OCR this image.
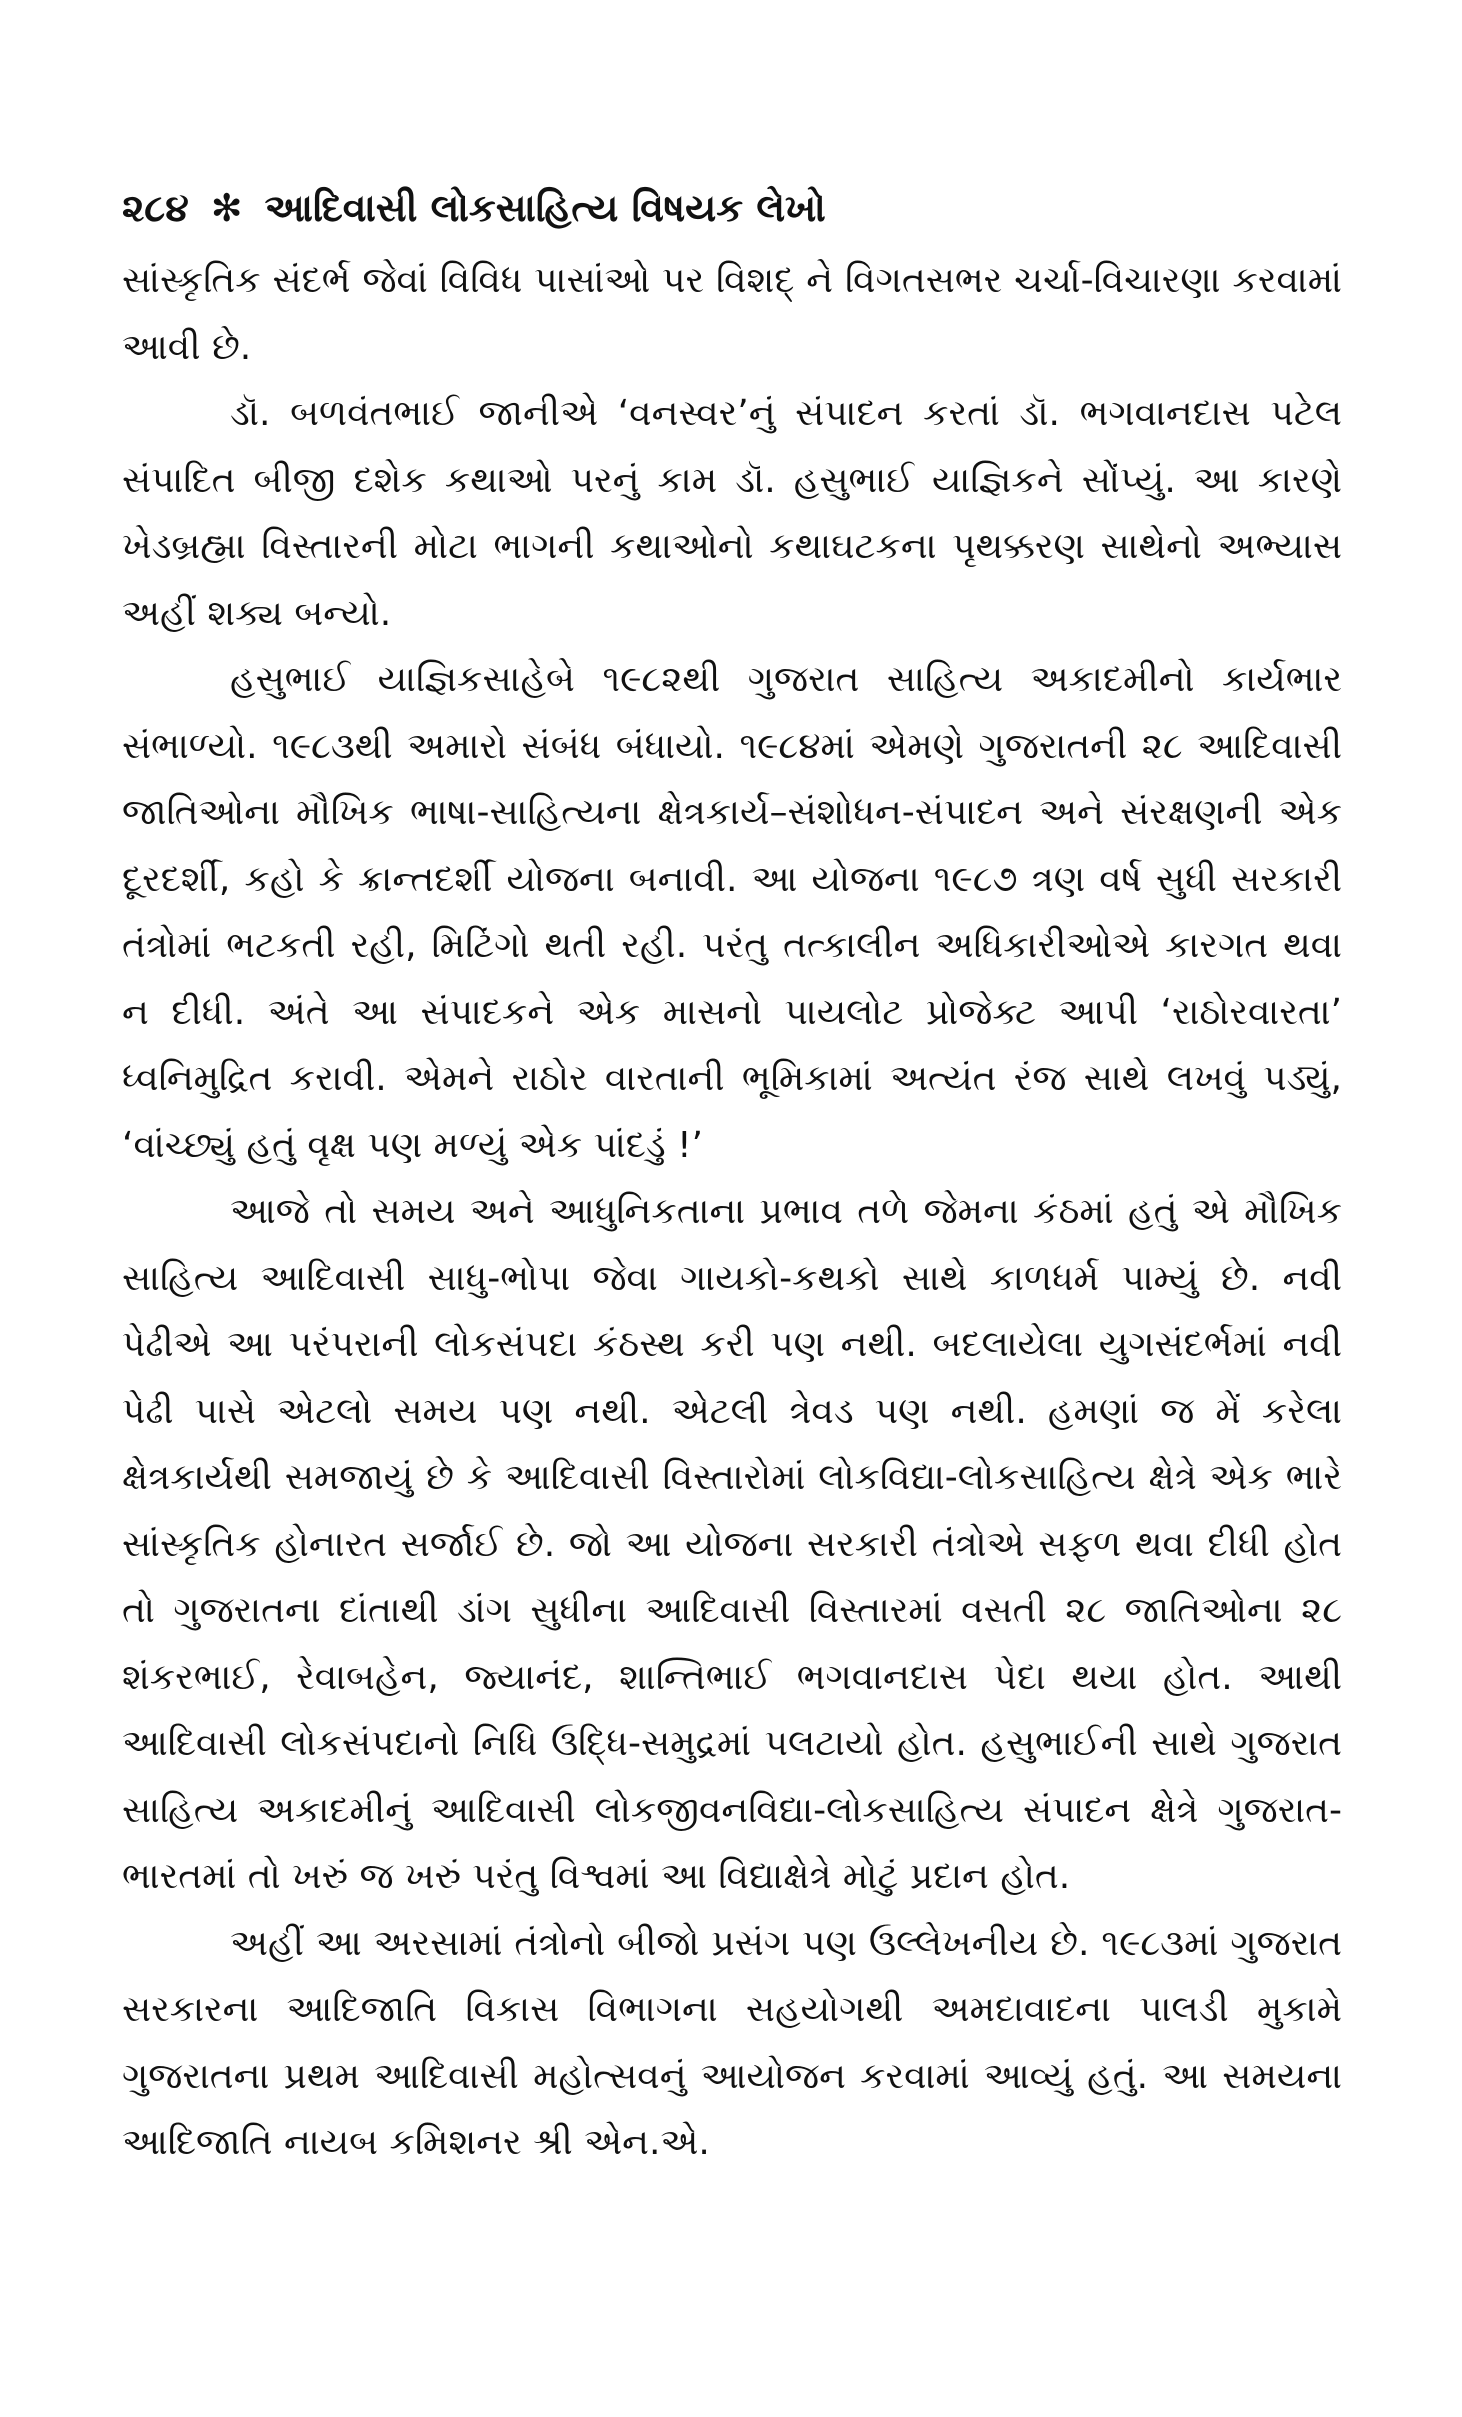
૨૮૪ ✻ આદિવાસી લોકસાહિત્ય વિષયક લેખો

સાંસ્કૃતિક સંદર્ભ જેવાં વિવિધ પાસાંઓ પર વિશદ્ ને વિગતસભર ચર્ચા-વિચારણા કરવામાં આવી છે.

ડૉ. બળવંતભાઈ જાનીએ ‘વનસ્વર’નું સંપાદન કરતાં ડૉ. ભગવાનદાસ પટેલ સંપાદિત બીજી દશેક કથાઓ પરનું કામ ડૉ. હસુભાઈ યાજ્ઞિકને સોંપ્યું. આ કારણે ખેડબ્રહ્મા વિસ્તારની મોટા ભાગની કથાઓનો કથાઘટકના પૃથક્કરણ સાથેનો અભ્યાસ અહીં શક્ય બન્યો.

હસુભાઈ યાજ્ઞિકસાહેબે ૧૯૮૨થી ગુજરાત સાહિત્ય અકાદમીનો કાર્યભાર સંભાળ્યો. ૧૯૮૩થી અમારો સંબંધ બંધાયો. ૧૯૮૪માં એમણે ગુજરાતની ૨૮ આદિવાસી જાતિઓના મૌખિક ભાષા-સાહિત્યના ક્ષેત્રકાર્ય–સંશોધન-સંપાદન અને સંરક્ષણની એક દૂરદર્શી, કહો કે ક્રાન્તદર્શી યોજના બનાવી. આ યોજના ૧૯૮૭ ત્રણ વર્ષ સુધી સરકારી તંત્રોમાં ભટકતી રહી, મિટિંગો થતી રહી. પરંતુ તત્કાલીન અધિકારીઓએ કારગત થવા ન દીધી. અંતે આ સંપાદકને એક માસનો પાયલોટ પ્રોજેક્ટ આપી ‘રાઠોરવારતા’ ધ્વનિમુદ્રિત કરાવી. એમને રાઠોર વારતાની ભૂમિકામાં અત્યંત રંજ સાથે લખવું પડ્યું, ‘વાંચ્છ્યું હતું વૃક્ષ પણ મળ્યું એક પાંદડું !’

આજે તો સમય અને આધુનિકતાના પ્રભાવ તળે જેમના કંઠમાં હતું એ મૌખિક સાહિત્ય આદિવાસી સાધુ-ભોપા જેવા ગાયકો-કથકો સાથે કાળધર્મ પામ્યું છે. નવી પેઢીએ આ પરંપરાની લોકસંપદા કંઠસ્થ કરી પણ નથી. બદલાયેલા યુગસંદર્ભમાં નવી પેઢી પાસે એટલો સમય પણ નથી. એટલી ત્રેવડ પણ નથી. હમણાં જ મેં કરેલા ક્ષેત્રકાર્યથી સમજાયું છે કે આદિવાસી વિસ્તારોમાં લોકવિદ્યા-લોકસાહિત્ય ક્ષેત્રે એક ભારે સાંસ્કૃતિક હોનારત સર્જાઈ છે. જો આ યોજના સરકારી તંત્રોએ સફળ થવા દીધી હોત તો ગુજરાતના દાંતાથી ડાંગ સુધીના આદિવાસી વિસ્તારમાં વસતી ૨૮ જાતિઓના ૨૮ શંકરભાઈ, રેવાબહેન, જ્યાનંદ, શાન્તિભાઈ ભગવાનદાસ પેદા થયા હોત. આથી આદિવાસી લોકસંપદાનો નિધિ ઉદ્ધિ-સમુદ્રમાં પલટાયો હોત. હસુભાઈની સાથે ગુજરાત સાહિત્ય અકાદમીનું આદિવાસી લોકજીવનવિદ્યા-લોકસાહિત્ય સંપાદન ક્ષેત્રે ગુજરાત-ભારતમાં તો ખરું જ ખરું પરંતુ વિશ્વમાં આ વિદ્યાક્ષેત્રે મોટું પ્રદાન હોત.

અહીં આ અરસામાં તંત્રોનો બીજો પ્રસંગ પણ ઉલ્લેખનીય છે. ૧૯૮૩માં ગુજરાત સરકારના આદિજાતિ વિકાસ વિભાગના સહયોગથી અમદાવાદના પાલડી મુકામે ગુજરાતના પ્રથમ આદિવાસી મહોત્સવનું આયોજન કરવામાં આવ્યું હતું. આ સમયના આદિજાતિ નાયબ કમિશનર શ્રી એન.એ.
